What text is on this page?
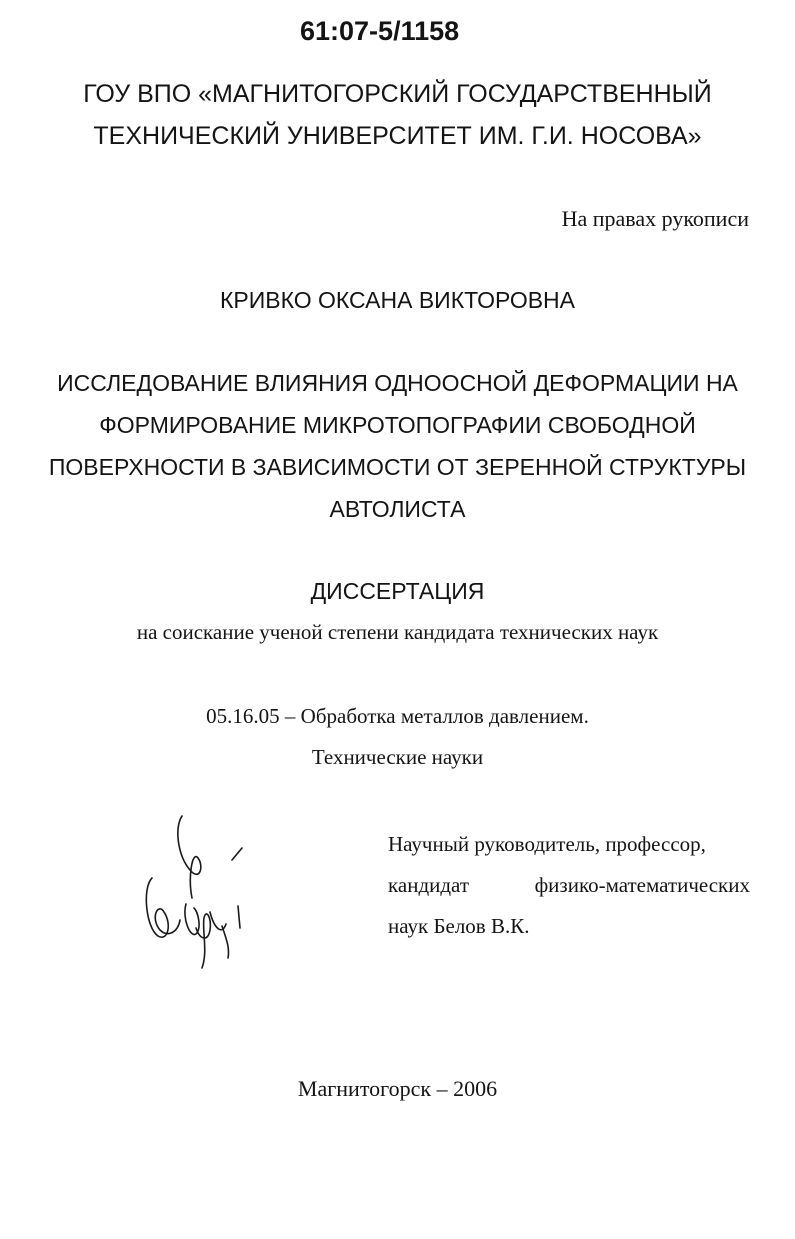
61:07-5/1158
ГОУ ВПО «МАГНИТОГОРСКИЙ ГОСУДАРСТВЕННЫЙ
ТЕХНИЧЕСКИЙ УНИВЕРСИТЕТ ИМ. Г.И. НОСОВА»
На правах рукописи
КРИВКО ОКСАНА ВИКТОРОВНА
ИССЛЕДОВАНИЕ ВЛИЯНИЯ ОДНООСНОЙ ДЕФОРМАЦИИ НА
ФОРМИРОВАНИЕ МИКРОТОПОГРАФИИ СВОБОДНОЙ
ПОВЕРХНОСТИ В ЗАВИСИМОСТИ ОТ ЗЕРЕННОЙ СТРУКТУРЫ
АВТОЛИСТА
ДИССЕРТАЦИЯ
на соискание ученой степени кандидата технических наук
05.16.05 – Обработка металлов давлением.
Технические науки
Научный руководитель, профессор,
кандидат	физико-математических
наук Белов В.К.
Магнитогорск – 2006
